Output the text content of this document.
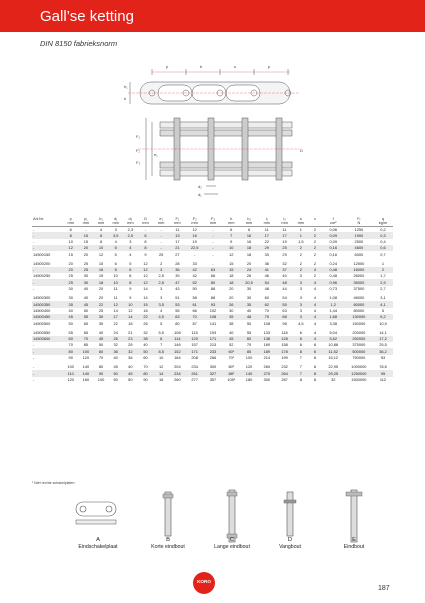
Gall’se ketting
DIN 8150 fabrieksnorm
p	b	s	p
h₁
h
F₁
F₂
F₃
e₁
d₂
d₁
D
Art.Nr.	p	p₁	b₁	d₁	d₂	D	e₁	F₁	F₂	F₃	h	h₁	l₁	l₂	s	x	f	Fᵣ	q
	mm	mm	mm	mm	mm	mm	mm	mm	mm	mm	mm	mm	mm	mm	mm		cm²	N	kg/m
-	6	-	4	3	2,3	-	-	11	12	-	6	6	11	11	1	2	0,06	1250	0,2
-	8	15	6	3,5	2,5	6	-	13	16	-	7	16	17	17	1	2	0,09	1900	0,3
-	10	15	8	4	3	8	-	17	19	-	9	16	22	19	1,5	2	0,09	2500	0,4
-	12	20	10	5	4	8	-	21	22,5	-	10	18	29	25	2	2	0,16	4600	0,6
14500150	15	20	12	5	4	9	25	27	-	-	12	18	33	29	2	2	0,16	6000	0,7

14500200	20	25	15	6	5	12	2	28	33	-	15	20	36	32	2	2	0,24	12500	1
-	20	25	16	8	6	12	3	36	42	63	15	24	41	37	2	4	0,48	16000	2
14500250	25	30	19	10	8	12	2,5	39	42	68	18	26	46	40	3	2	0,48	26000	1,7
-	25	30	18	10	8	12	2,5	47	52	80	18	20,5	54	48	3	4	0,96	39000	2,9
-	30	40	20	11	9	14	3	43	50	88	20	30	48	44	3	4	0,73	37500	2,7

14500300	30	40	20	11	9	14	3	51	58	88	20	30	60	54	3	4	1,08	46000	3,1
14500350	35	45	22	12	10	15	3,5	53	61	93	26	35	62	55	3	4	1,2	60000	4,1
14500400	40	50	25	14	12	18	4	55	66	102	30	40	70	63	3	4	1,44	80000	5
14500450	45	55	30	17	14	22	4,5	63	70	108	35	48	75	68	3	4	1,68	130000	6,2
14500500	50	65	35	22	18	26	5	80	87	141	38	50	108	98	4,5	4	3,38	150000	10,9

14500550	55	65	40	24	21	32	5,5	108	115	193	40	55	133	118	6	4	5,04	200000	14,1
14500600	60	70	45	26	23	38	6	114	120	171	45	60	138	128	6	4	5,52	250000	17,2
-	70	85	50	32	28	40	7	146	157	213	52	70	169	158	8	6	10,88	375000	25,5
-	80	100	60	36	32	50	8,5	152	171	233	60¹	85	189	178	8	6	11,52	500000	36,2
-	90	120	70	40	36	60	10	184	208	266	70¹	100	214	199	7	8	15,12	750000	53

-	100	140	80	45	40	70	12	204	234	300	80¹	120	260	232	7	8	22,95	1000000	78,6
-	110	140	90	50	45	80	14	234	261	327	88¹	140	270	264	7	8	29,25	1250000	95
-	120	160	100	50	50	90	16	260	277	357	105¹	180	300	287	8	8	32	1500000	112
¹ Niet rechte schakelplaten
A
Eindschakelplaat
B
Korte eindbout
C
Lange eindbout
D
Vangbout
E
Eindbout
KORO
187
